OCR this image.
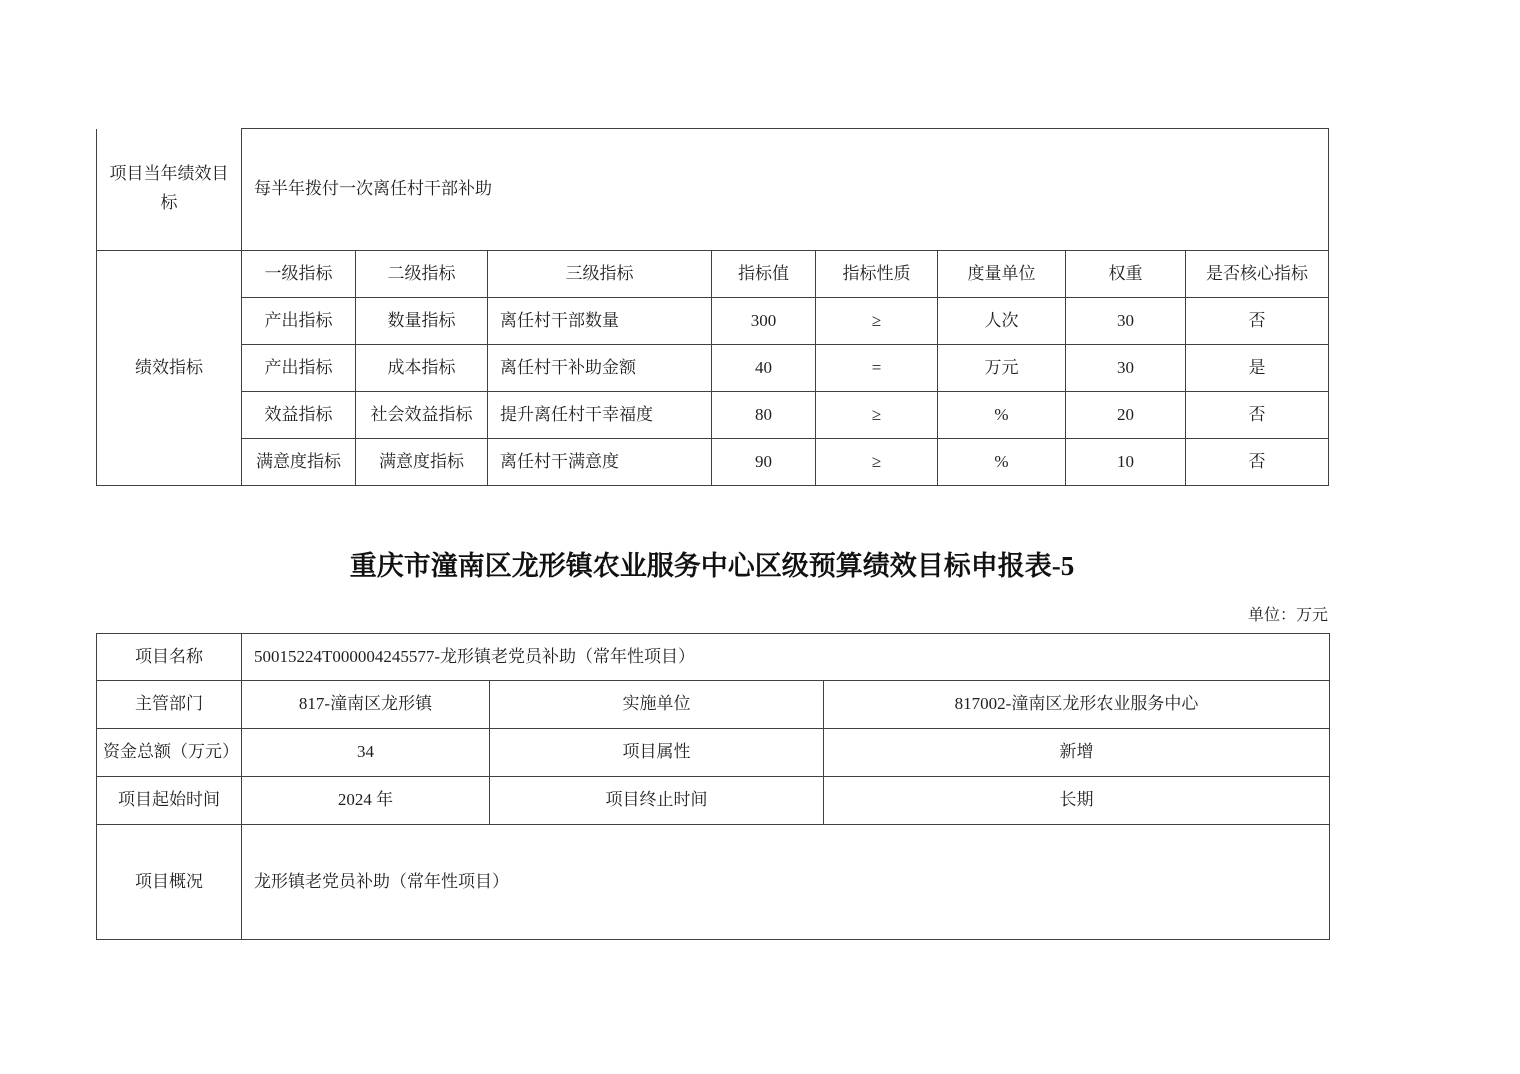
项目当年绩效目标	每半年拨付一次离任村干部补助							
绩效指标	一级指标	二级指标	三级指标	指标值	指标性质	度量单位	权重	是否核心指标
	产出指标	数量指标	离任村干部数量	300	≥	人次	30	否
	产出指标	成本指标	离任村干补助金额	40	=	万元	30	是
	效益指标	社会效益指标	提升离任村干幸福度	80	≥	%	20	否
	满意度指标	满意度指标	离任村干满意度	90	≥	%	10	否
重庆市潼南区龙形镇农业服务中心区级预算绩效目标申报表-5
单位：万元
项目名称	50015224T000004245577-龙形镇老党员补助（常年性项目）		
主管部门	817-潼南区龙形镇	实施单位	817002-潼南区龙形农业服务中心
资金总额（万元）	34	项目属性	新增
项目起始时间	2024 年	项目终止时间	长期
项目概况	龙形镇老党员补助（常年性项目）		
